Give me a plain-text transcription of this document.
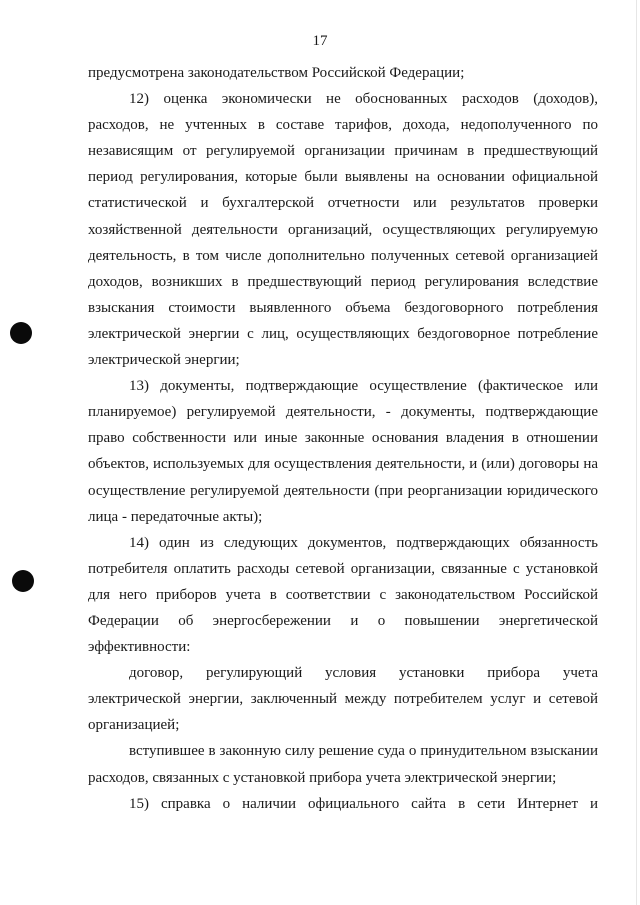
17

предусмотрена законодательством Российской Федерации;

12) оценка экономически не обоснованных расходов (доходов), расходов, не учтенных в составе тарифов, дохода, недополученного по независящим от регулируемой организации причинам в предшествующий период регулирования, которые были выявлены на основании официальной статистической и бухгалтерской отчетности или результатов проверки хозяйственной деятельности организаций, осуществляющих регулируемую деятельность, в том числе дополнительно полученных сетевой организацией доходов, возникших в предшествующий период регулирования вследствие взыскания стоимости выявленного объема бездоговорного потребления электрической энергии с лиц, осуществляющих бездоговорное потребление электрической энергии;

13) документы, подтверждающие осуществление (фактическое или планируемое) регулируемой деятельности, - документы, подтверждающие право собственности или иные законные основания владения в отношении объектов, используемых для осуществления деятельности, и (или) договоры на осуществление регулируемой деятельности (при реорганизации юридического лица - передаточные акты);

14) один из следующих документов, подтверждающих обязанность потребителя оплатить расходы сетевой организации, связанные с установкой для него приборов учета в соответствии с законодательством Российской Федерации об энергосбережении и о повышении энергетической эффективности:

договор, регулирующий условия установки прибора учета электрической энергии, заключенный между потребителем услуг и сетевой организацией;

вступившее в законную силу решение суда о принудительном взыскании расходов, связанных с установкой прибора учета электрической энергии;

15) справка о наличии официального сайта в сети Интернет и
